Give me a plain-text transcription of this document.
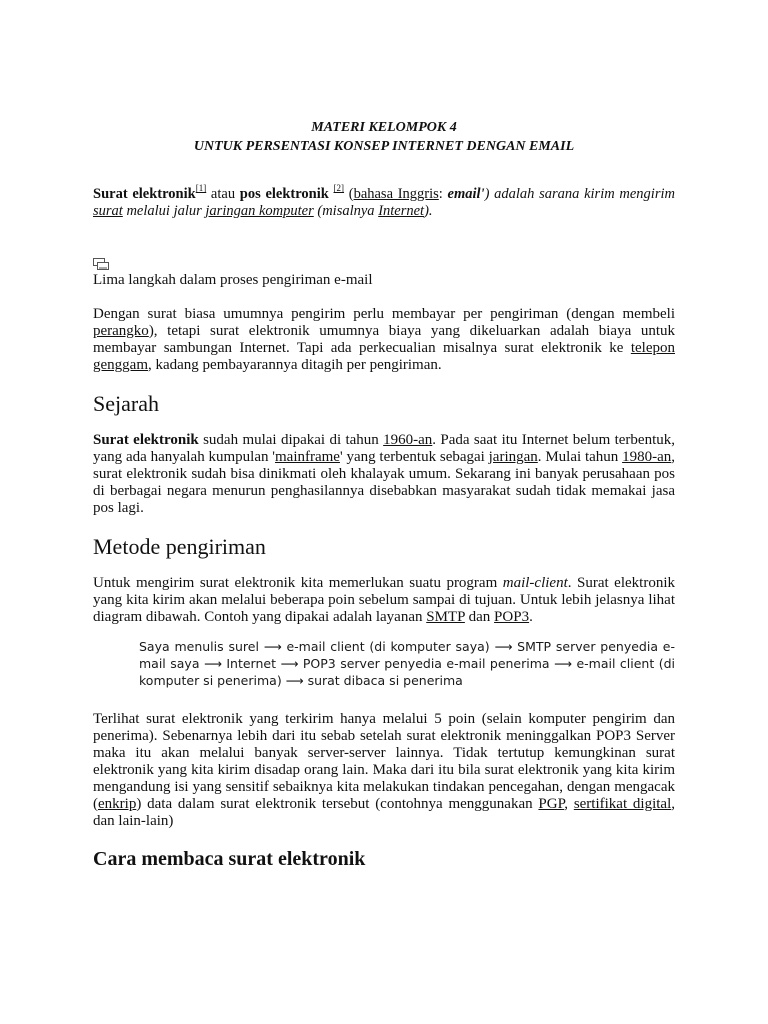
MATERI KELOMPOK 4
UNTUK PERSENTASI KONSEP INTERNET DENGAN EMAIL

Surat elektronik[1] atau pos elektronik [2] (bahasa Inggris: email') adalah sarana kirim mengirim surat melalui jalur jaringan komputer (misalnya Internet).

Lima langkah dalam proses pengiriman e-mail

Dengan surat biasa umumnya pengirim perlu membayar per pengiriman (dengan membeli perangko), tetapi surat elektronik umumnya biaya yang dikeluarkan adalah biaya untuk membayar sambungan Internet. Tapi ada perkecualian misalnya surat elektronik ke telepon genggam, kadang pembayarannya ditagih per pengiriman.

Sejarah

Surat elektronik sudah mulai dipakai di tahun 1960-an. Pada saat itu Internet belum terbentuk, yang ada hanyalah kumpulan 'mainframe' yang terbentuk sebagai jaringan. Mulai tahun 1980-an, surat elektronik sudah bisa dinikmati oleh khalayak umum. Sekarang ini banyak perusahaan pos di berbagai negara menurun penghasilannya disebabkan masyarakat sudah tidak memakai jasa pos lagi.

Metode pengiriman

Untuk mengirim surat elektronik kita memerlukan suatu program mail-client. Surat elektronik yang kita kirim akan melalui beberapa poin sebelum sampai di tujuan. Untuk lebih jelasnya lihat diagram dibawah. Contoh yang dipakai adalah layanan SMTP dan POP3.

Saya menulis surel ⟶ e-mail client (di komputer saya) ⟶ SMTP server penyedia e-mail saya ⟶ Internet ⟶ POP3 server penyedia e-mail penerima ⟶ e-mail client (di komputer si penerima) ⟶ surat dibaca si penerima

Terlihat surat elektronik yang terkirim hanya melalui 5 poin (selain komputer pengirim dan penerima). Sebenarnya lebih dari itu sebab setelah surat elektronik meninggalkan POP3 Server maka itu akan melalui banyak server-server lainnya. Tidak tertutup kemungkinan surat elektronik yang kita kirim disadap orang lain. Maka dari itu bila surat elektronik yang kita kirim mengandung isi yang sensitif sebaiknya kita melakukan tindakan pencegahan, dengan mengacak (enkrip) data dalam surat elektronik tersebut (contohnya menggunakan PGP, sertifikat digital, dan lain-lain)

Cara membaca surat elektronik
